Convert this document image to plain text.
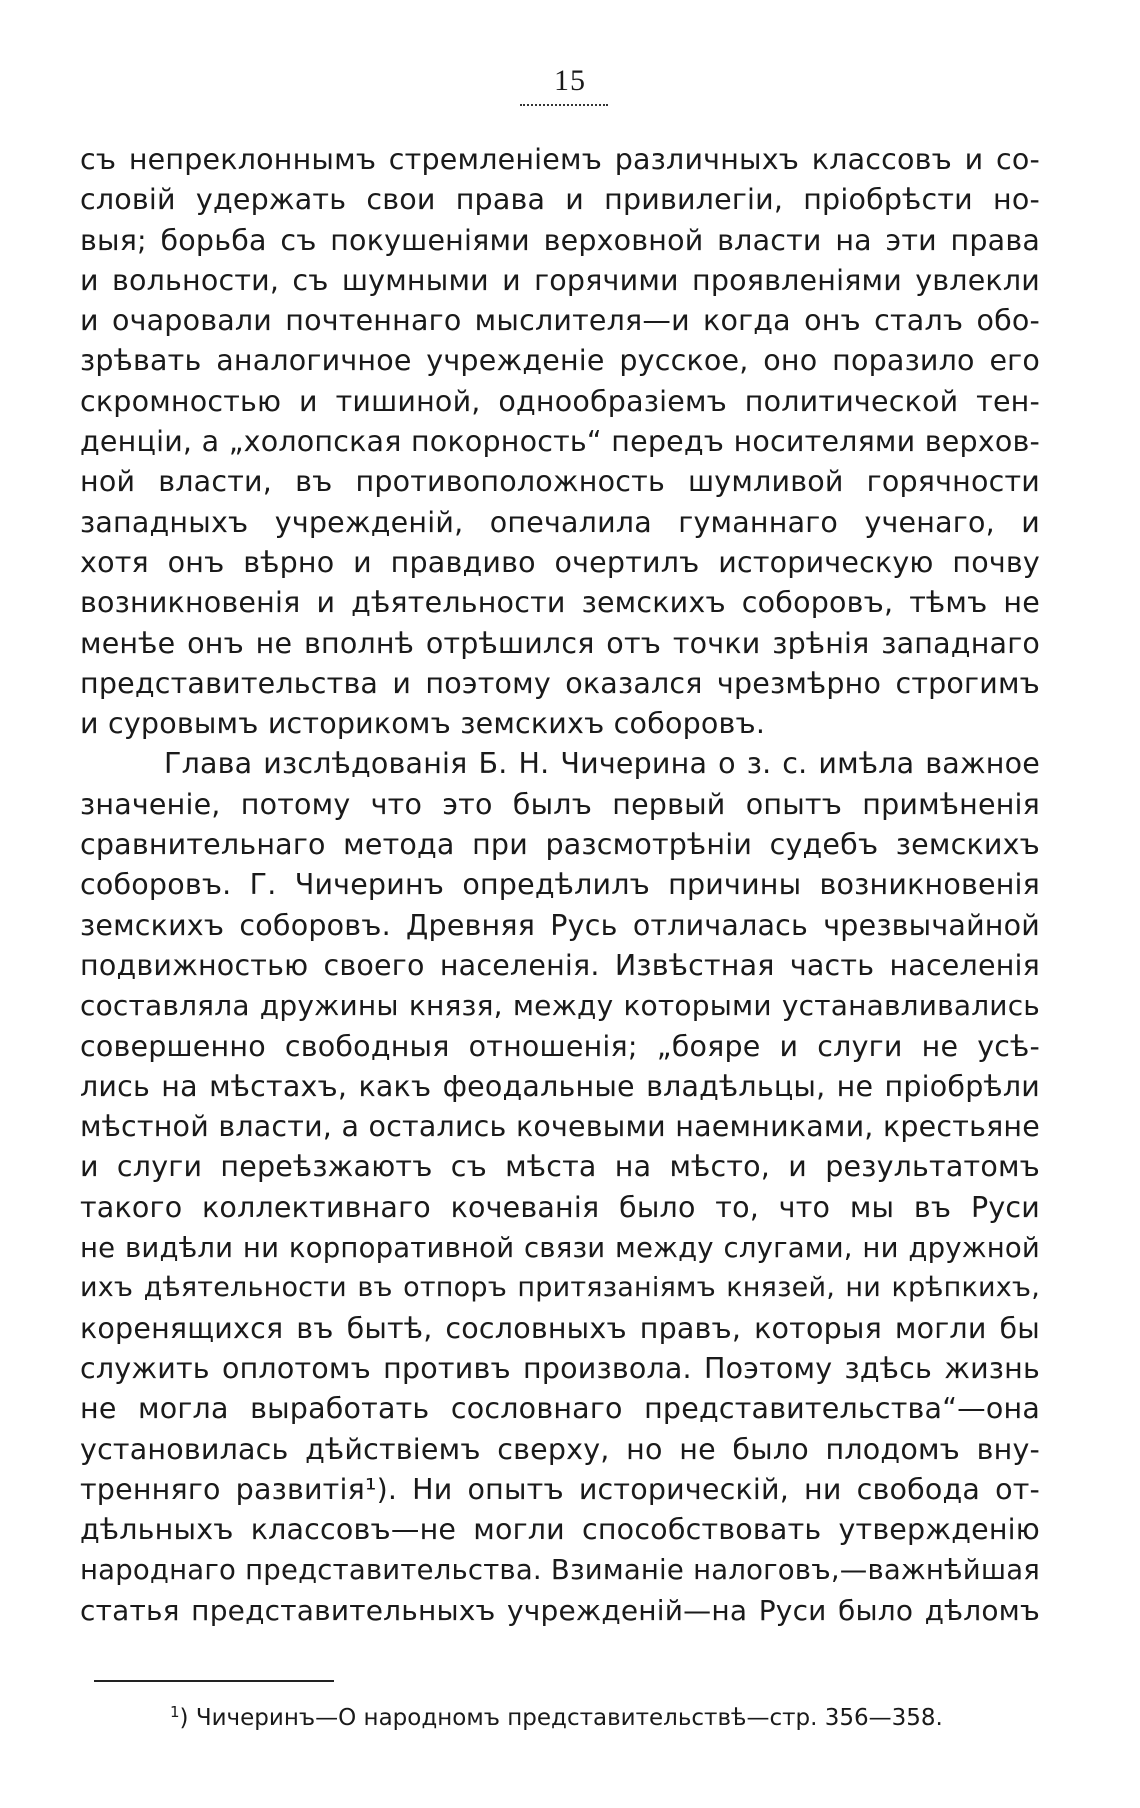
15
съ непреклоннымъ стремленіемъ различныхъ классовъ и со-
словій удержать свои права и привилегіи, пріобрѣсти но-
выя; борьба съ покушеніями верховной власти на эти права
и вольности, съ шумными и горячими проявленіями увлекли
и очаровали почтеннаго мыслителя—и когда онъ сталъ обо-
зрѣвать аналогичное учрежденіе русское, оно поразило его
скромностью и тишиной, однообразіемъ политической тен-
денціи, а „холопская покорность“ передъ носителями верхов-
ной власти, въ противоположность шумливой горячности
западныхъ учрежденій, опечалила гуманнаго ученаго, и
хотя онъ вѣрно и правдиво очертилъ историческую почву
возникновенія и дѣятельности земскихъ соборовъ, тѣмъ не
менѣе онъ не вполнѣ отрѣшился отъ точки зрѣнія западнаго
представительства и поэтому оказался чрезмѣрно строгимъ
и суровымъ историкомъ земскихъ соборовъ.
Глава изслѣдованія Б. Н. Чичерина о з. с. имѣла важное
значеніе, потому что это былъ первый опытъ примѣненія
сравнительнаго метода при разсмотрѣніи судебъ земскихъ
соборовъ. Г. Чичеринъ опредѣлилъ причины возникновенія
земскихъ соборовъ. Древняя Русь отличалась чрезвычайной
подвижностью своего населенія. Извѣстная часть населенія
составляла дружины князя, между которыми устанавливались
совершенно свободныя отношенія; „бояре и слуги не усѣ-
лись на мѣстахъ, какъ феодальные владѣльцы, не пріобрѣли
мѣстной власти, а остались кочевыми наемниками, крестьяне
и слуги переѣзжаютъ съ мѣста на мѣсто, и результатомъ
такого коллективнаго кочеванія было то, что мы въ Руси
не видѣли ни корпоративной связи между слугами, ни дружной
ихъ дѣятельности въ отпоръ притязаніямъ князей, ни крѣпкихъ,
коренящихся въ бытѣ, сословныхъ правъ, которыя могли бы
служить оплотомъ противъ произвола. Поэтому здѣсь жизнь
не могла выработать сословнаго представительства“—она
установилась дѣйствіемъ сверху, но не было плодомъ вну-
тренняго развитія¹). Ни опытъ историческій, ни свобода от-
дѣльныхъ классовъ—не могли способствовать утвержденію
народнаго представительства. Взиманіе налоговъ,—важнѣйшая
статья представительныхъ учрежденій—на Руси было дѣломъ
$^1$) Чичеринъ—О народномъ представительствѣ—стр. 356—358.
